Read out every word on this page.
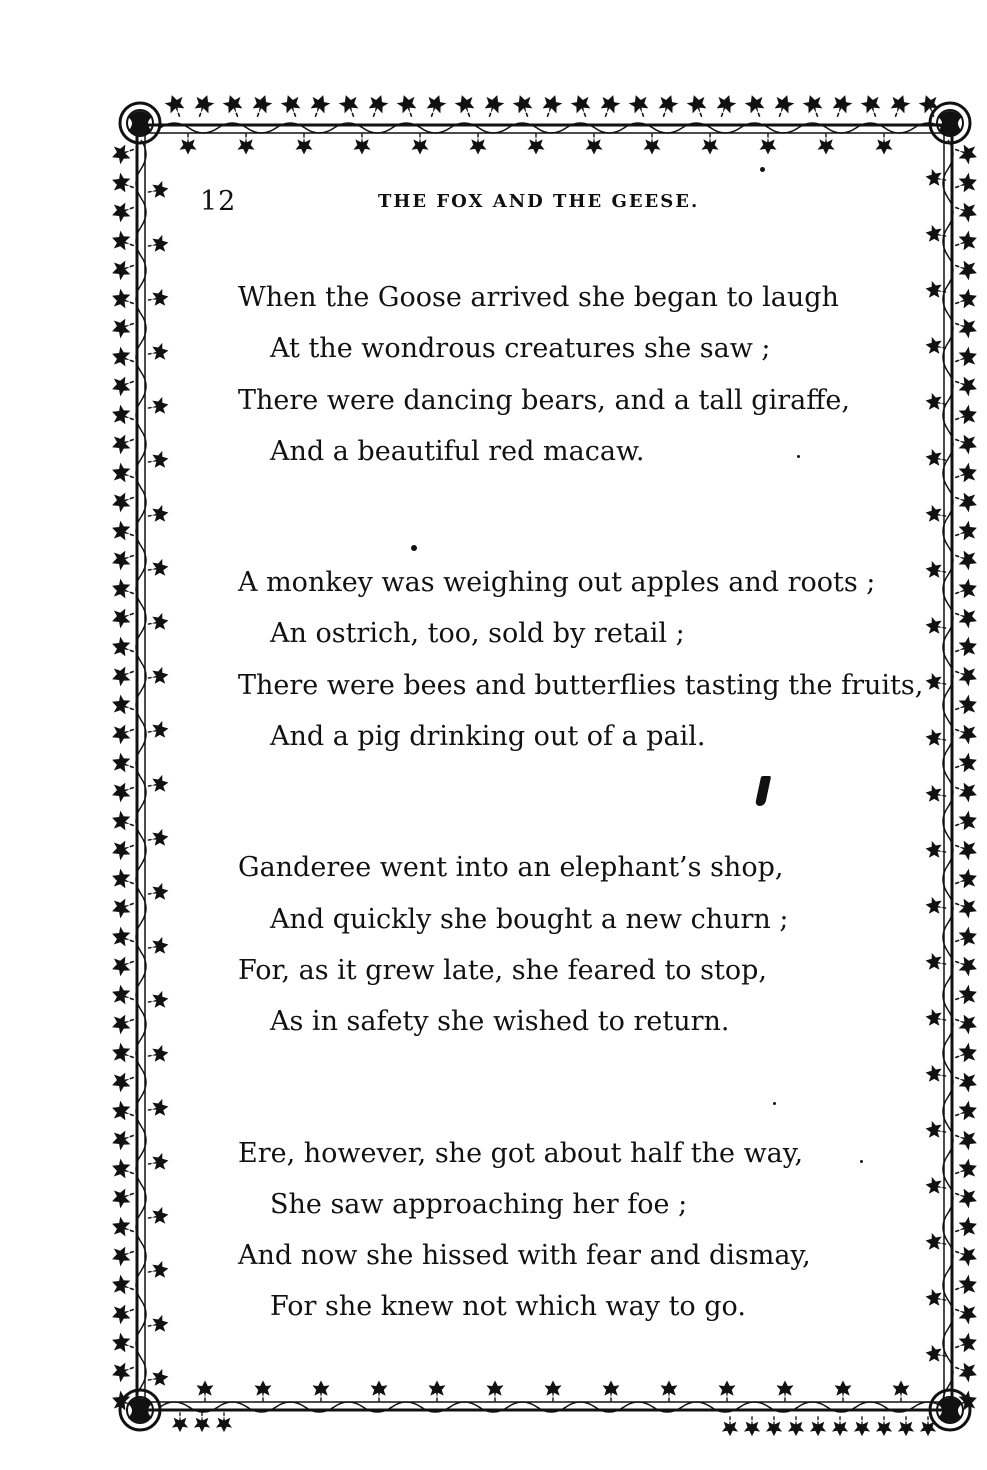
12	THE FOX AND THE GEESE.
When the Goose arrived she began to laugh
At the wondrous creatures she saw ;
There were dancing bears, and a tall giraffe,
And a beautiful red macaw.
A monkey was weighing out apples and roots ;
An ostrich, too, sold by retail ;
There were bees and butterflies tasting the fruits,
And a pig drinking out of a pail.
Ganderee went into an elephant’s shop,
And quickly she bought a new churn ;
For, as it grew late, she feared to stop,
As in safety she wished to return.
Ere, however, she got about half the way,
She saw approaching her foe ;
And now she hissed with fear and dismay,
For she knew not which way to go.
